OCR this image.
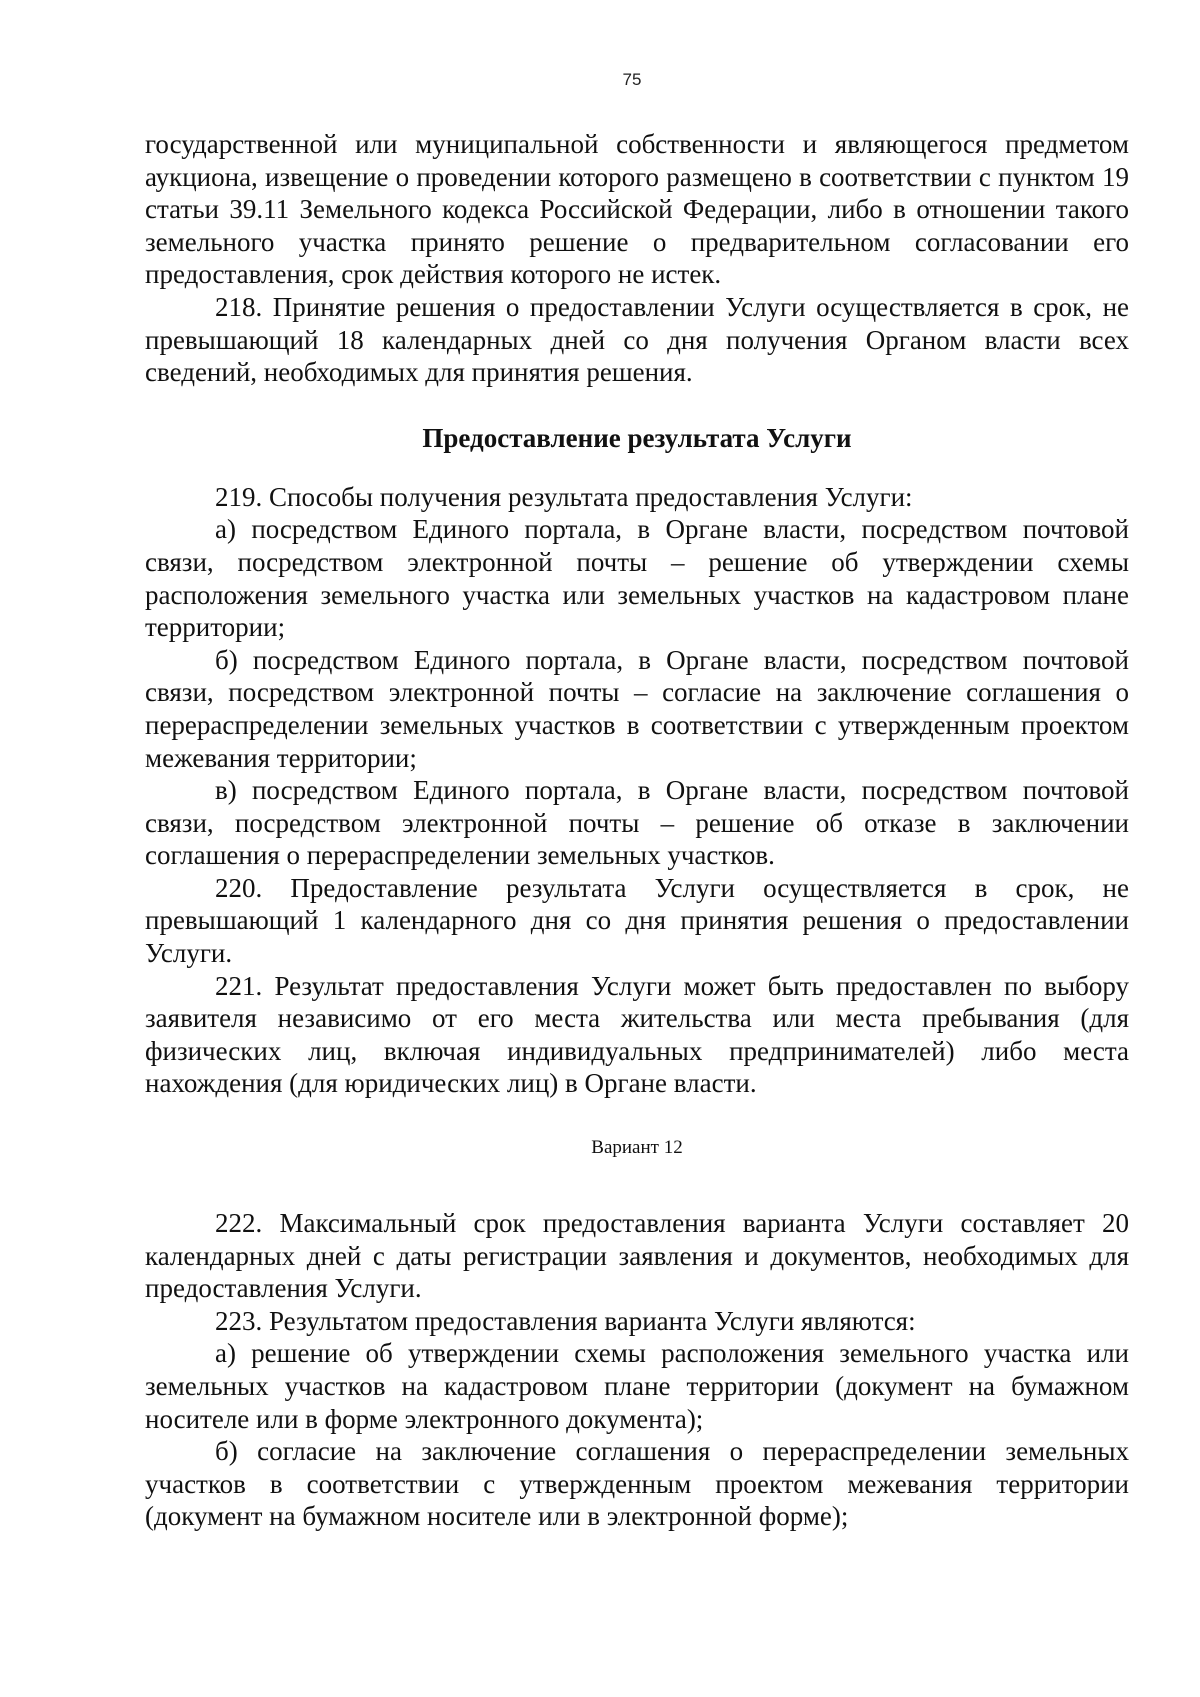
75

государственной или муниципальной собственности и являющегося предметом аукциона, извещение о проведении которого размещено в соответствии с пунктом 19 статьи 39.11 Земельного кодекса Российской Федерации, либо в отношении такого земельного участка принято решение о предварительном согласовании его предоставления, срок действия которого не истек.

218. Принятие решения о предоставлении Услуги осуществляется в срок, не превышающий 18 календарных дней со дня получения Органом власти всех сведений, необходимых для принятия решения.

Предоставление результата Услуги

219. Способы получения результата предоставления Услуги:

а) посредством Единого портала, в Органе власти, посредством почтовой связи, посредством электронной почты – решение об утверждении схемы расположения земельного участка или земельных участков на кадастровом плане территории;

б) посредством Единого портала, в Органе власти, посредством почтовой связи, посредством электронной почты – согласие на заключение соглашения о перераспределении земельных участков в соответствии с утвержденным проектом межевания территории;

в) посредством Единого портала, в Органе власти, посредством почтовой связи, посредством электронной почты – решение об отказе в заключении соглашения о перераспределении земельных участков.

220. Предоставление результата Услуги осуществляется в срок, не превышающий 1 календарного дня со дня принятия решения о предоставлении Услуги.

221. Результат предоставления Услуги может быть предоставлен по выбору заявителя независимо от его места жительства или места пребывания (для физических лиц, включая индивидуальных предпринимателей) либо места нахождения (для юридических лиц) в Органе власти.

Вариант 12

222. Максимальный срок предоставления варианта Услуги составляет 20 календарных дней с даты регистрации заявления и документов, необходимых для предоставления Услуги.

223. Результатом предоставления варианта Услуги являются:

а) решение об утверждении схемы расположения земельного участка или земельных участков на кадастровом плане территории (документ на бумажном носителе или в форме электронного документа);

б) согласие на заключение соглашения о перераспределении земельных участков в соответствии с утвержденным проектом межевания территории (документ на бумажном носителе или в электронной форме);
